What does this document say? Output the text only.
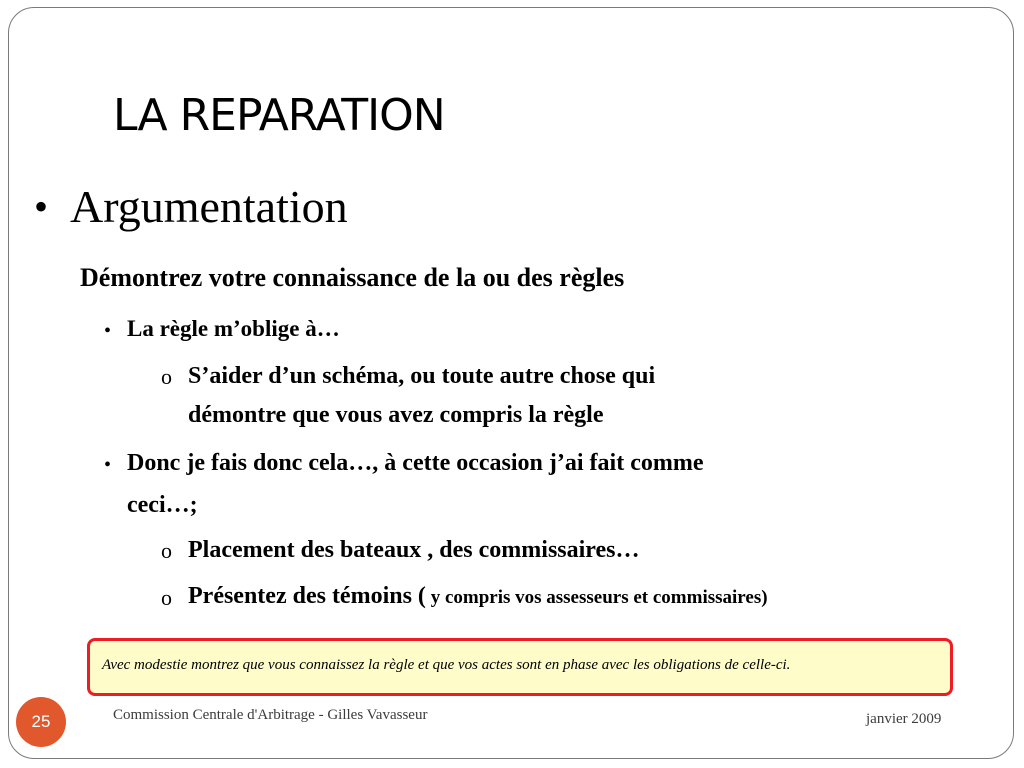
LA REPARATION
• Argumentation
Démontrez votre connaissance de la ou des règles
• La règle m’oblige à…
o S’aider d’un schéma, ou toute autre chose qui
démontre que vous avez compris la règle
• Donc je fais donc cela…, à cette occasion j’ai fait comme
ceci…;
o Placement des bateaux , des commissaires…
o Présentez des témoins ( y compris vos assesseurs et commissaires)
Avec modestie montrez que vous connaissez la règle et que vos actes sont en phase avec les obligations de celle-ci.
25	Commission Centrale d'Arbitrage - Gilles Vavasseur	janvier 2009
